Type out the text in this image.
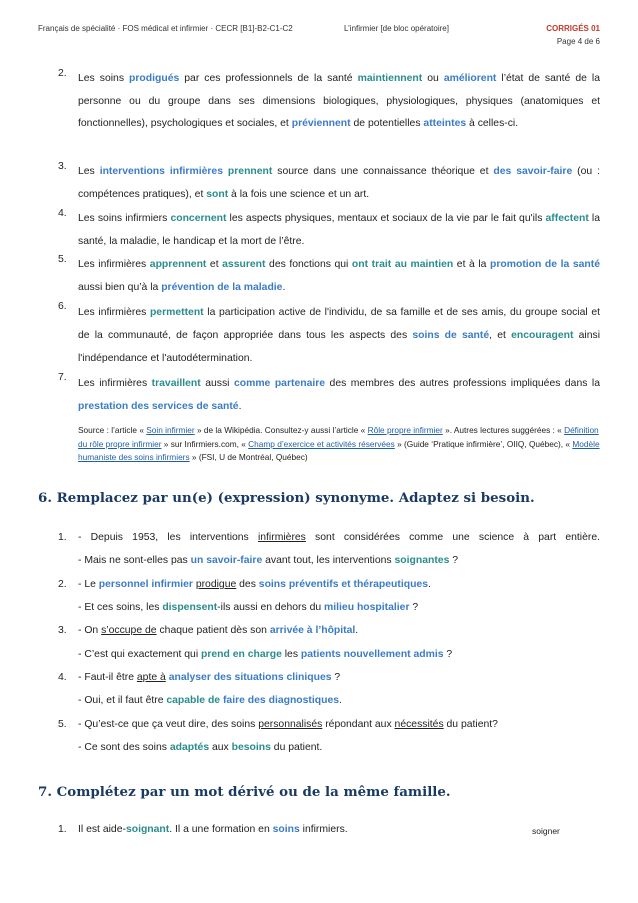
Français de spécialité · FOS médical et infirmier · CECR [B1]-B2-C1-C2	L’infirmier [de bloc opératoire]	CORRIGÉS 01
Page 4 de 6
2. Les soins prodigués par ces professionnels de la santé maintiennent ou améliorent l’état de santé de la personne ou du groupe dans ses dimensions biologiques, physiologiques, physiques (anatomiques et fonctionnelles), psychologiques et sociales, et préviennent de potentielles atteintes à celles-ci.
3. Les interventions infirmières prennent source dans une connaissance théorique et des savoir-faire (ou : compétences pratiques), et sont à la fois une science et un art.
4. Les soins infirmiers concernent les aspects physiques, mentaux et sociaux de la vie par le fait qu'ils affectent la santé, la maladie, le handicap et la mort de l’être.
5. Les infirmières apprennent et assurent des fonctions qui ont trait au maintien et à la promotion de la santé aussi bien qu’à la prévention de la maladie.
6.
Les infirmières permettent la participation active de l'individu, de sa famille et de ses amis, du groupe social et de la communauté, de façon appropriée dans tous les aspects des soins de santé, et encouragent ainsi l'indépendance et l'autodétermination.
7.
Les infirmières travaillent aussi comme partenaire des membres des autres professions impliquées dans la prestation des services de santé.
Source : l’article « Soin infirmier » de la Wikipédia. Consultez-y aussi l’article « Rôle propre infirmier ». Autres lectures suggérées : « Définition du rôle propre infirmier » sur Infirmiers.com, « Champ d’exercice et activités réservées » (Guide ‘Pratique infirmière’, OIIQ, Québec), « Modèle humaniste des soins infirmiers » (FSI, U de Montréal, Québec)
6. Remplacez par un(e) (expression) synonyme. Adaptez si besoin.
1. - Depuis 1953, les interventions infirmières sont considérées comme une science à part entière.
- Mais ne sont-elles pas un savoir-faire avant tout, les interventions soignantes ?
2. - Le personnel infirmier prodigue des soins préventifs et thérapeutiques.
- Et ces soins, les dispensent-ils aussi en dehors du milieu hospitalier ?
3. - On s’occupe de chaque patient dès son arrivée à l’hôpital.
- C’est qui exactement qui prend en charge les patients nouvellement admis ?
4. - Faut-il être apte à analyser des situations cliniques ?
- Oui, et il faut être capable de faire des diagnostiques.
5. - Qu’est-ce que ça veut dire, des soins personnalisés répondant aux nécessités du patient?
- Ce sont des soins adaptés aux besoins du patient.
7. Complétez par un mot dérivé ou de la même famille.
1. Il est aide-soignant. Il a une formation en soins infirmiers.	soigner
